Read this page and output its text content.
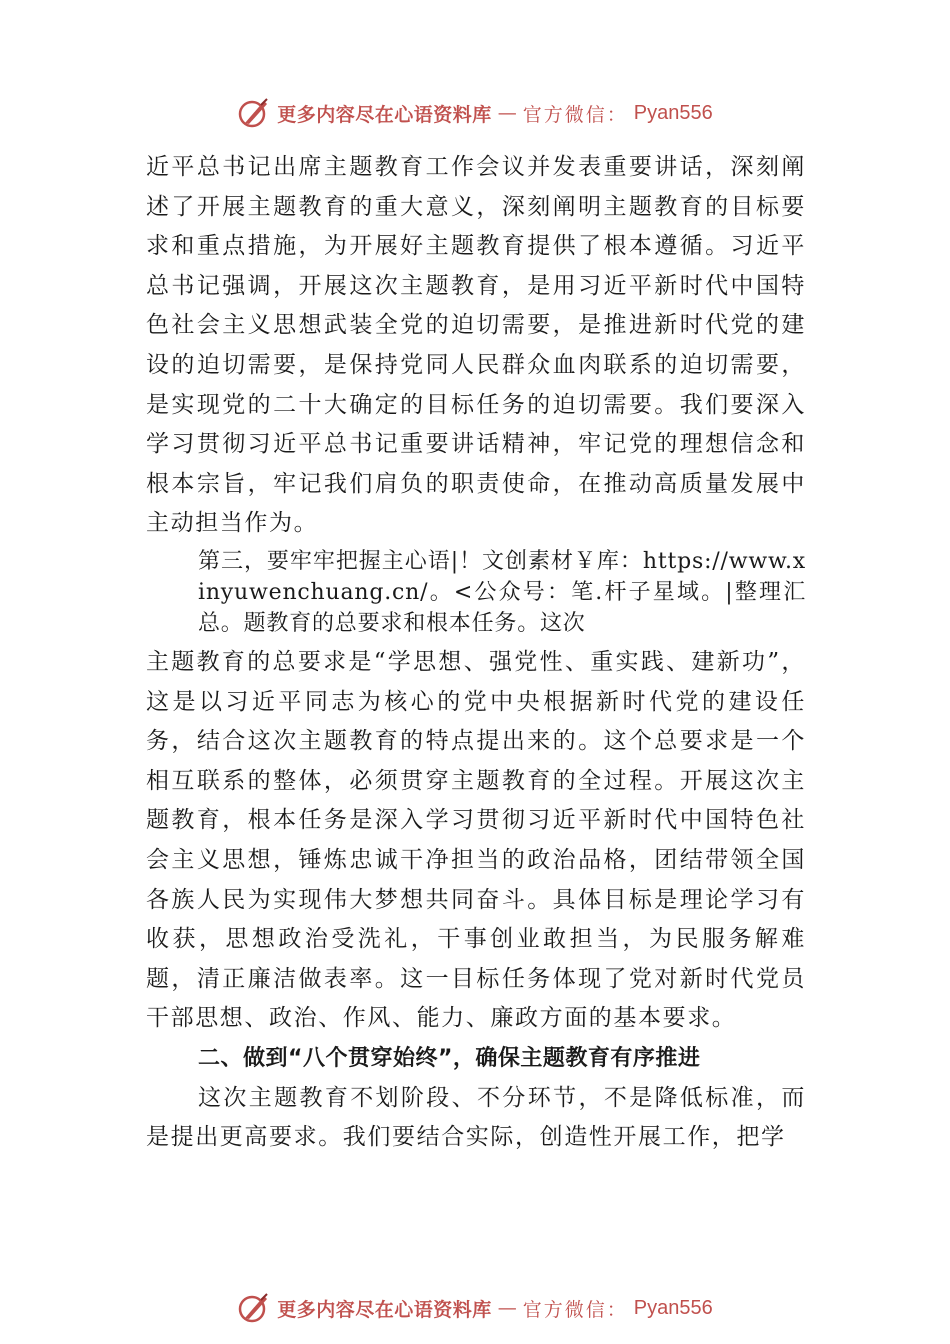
更多内容尽在心语资料库 — 官方微信： Pyan556

近平总书记出席主题教育工作会议并发表重要讲话，深刻阐述了开展主题教育的重大意义，深刻阐明主题教育的目标要求和重点措施，为开展好主题教育提供了根本遵循。习近平总书记强调，开展这次主题教育，是用习近平新时代中国特色社会主义思想武装全党的迫切需要，是推进新时代党的建设的迫切需要，是保持党同人民群众血肉联系的迫切需要，是实现党的二十大确定的目标任务的迫切需要。我们要深入学习贯彻习近平总书记重要讲话精神，牢记党的理想信念和根本宗旨，牢记我们肩负的职责使命，在推动高质量发展中主动担当作为。

第三，要牢牢把握主心语|！文创素材￥库：https://www.xinyuwenchuang.cn/。<公众号：笔.杆子星域。|整理汇总。题教育的总要求和根本任务。这次

主题教育的总要求是“学思想、强党性、重实践、建新功”，这是以习近平同志为核心的党中央根据新时代党的建设任务，结合这次主题教育的特点提出来的。这个总要求是一个相互联系的整体，必须贯穿主题教育的全过程。开展这次主题教育，根本任务是深入学习贯彻习近平新时代中国特色社会主义思想，锤炼忠诚干净担当的政治品格，团结带领全国各族人民为实现伟大梦想共同奋斗。具体目标是理论学习有收获，思想政治受洗礼，干事创业敢担当，为民服务解难题，清正廉洁做表率。这一目标任务体现了党对新时代党员干部思想、政治、作风、能力、廉政方面的基本要求。

二、做到“八个贯穿始终”，确保主题教育有序推进

这次主题教育不划阶段、不分环节，不是降低标准，而是提出更高要求。我们要结合实际，创造性开展工作，把学

更多内容尽在心语资料库 — 官方微信： Pyan556
